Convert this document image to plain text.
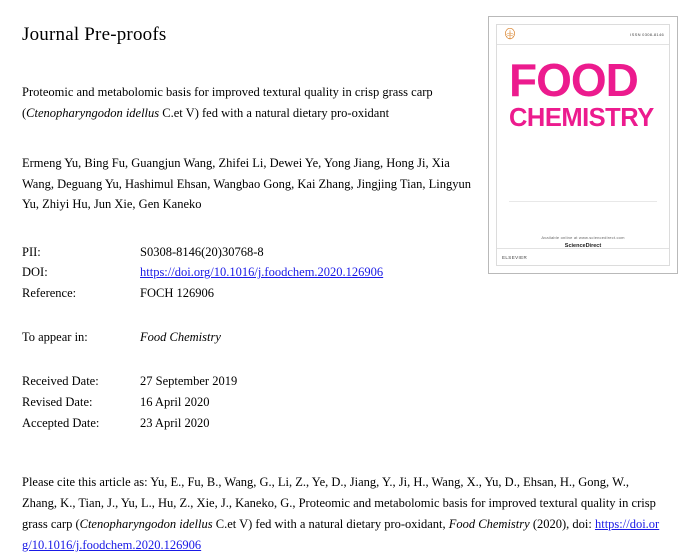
Journal Pre-proofs
Proteomic and metabolomic basis for improved textural quality in crisp grass carp (Ctenopharyngodon idellus C.et V) fed with a natural dietary pro-oxidant
Ermeng Yu, Bing Fu, Guangjun Wang, Zhifei Li, Dewei Ye, Yong Jiang, Hong Ji, Xia Wang, Deguang Yu, Hashimul Ehsan, Wangbao Gong, Kai Zhang, Jingjing Tian, Lingyun Yu, Zhiyi Hu, Jun Xie, Gen Kaneko
PII:	S0308-8146(20)30768-8
DOI:	https://doi.org/10.1016/j.foodchem.2020.126906
Reference:	FOCH 126906
To appear in:	Food Chemistry
Received Date:	27 September 2019
Revised Date:	16 April 2020
Accepted Date:	23 April 2020
Please cite this article as: Yu, E., Fu, B., Wang, G., Li, Z., Ye, D., Jiang, Y., Ji, H., Wang, X., Yu, D., Ehsan, H., Gong, W., Zhang, K., Tian, J., Yu, L., Hu, Z., Xie, J., Kaneko, G., Proteomic and metabolomic basis for improved textural quality in crisp grass carp (Ctenopharyngodon idellus C.et V) fed with a natural dietary pro-oxidant, Food Chemistry (2020), doi: https://doi.org/10.1016/j.foodchem.2020.126906
ISSN 0308-8146
FOOD
CHEMISTRY
Available online at www.sciencedirect.com
ScienceDirect
ELSEVIER
